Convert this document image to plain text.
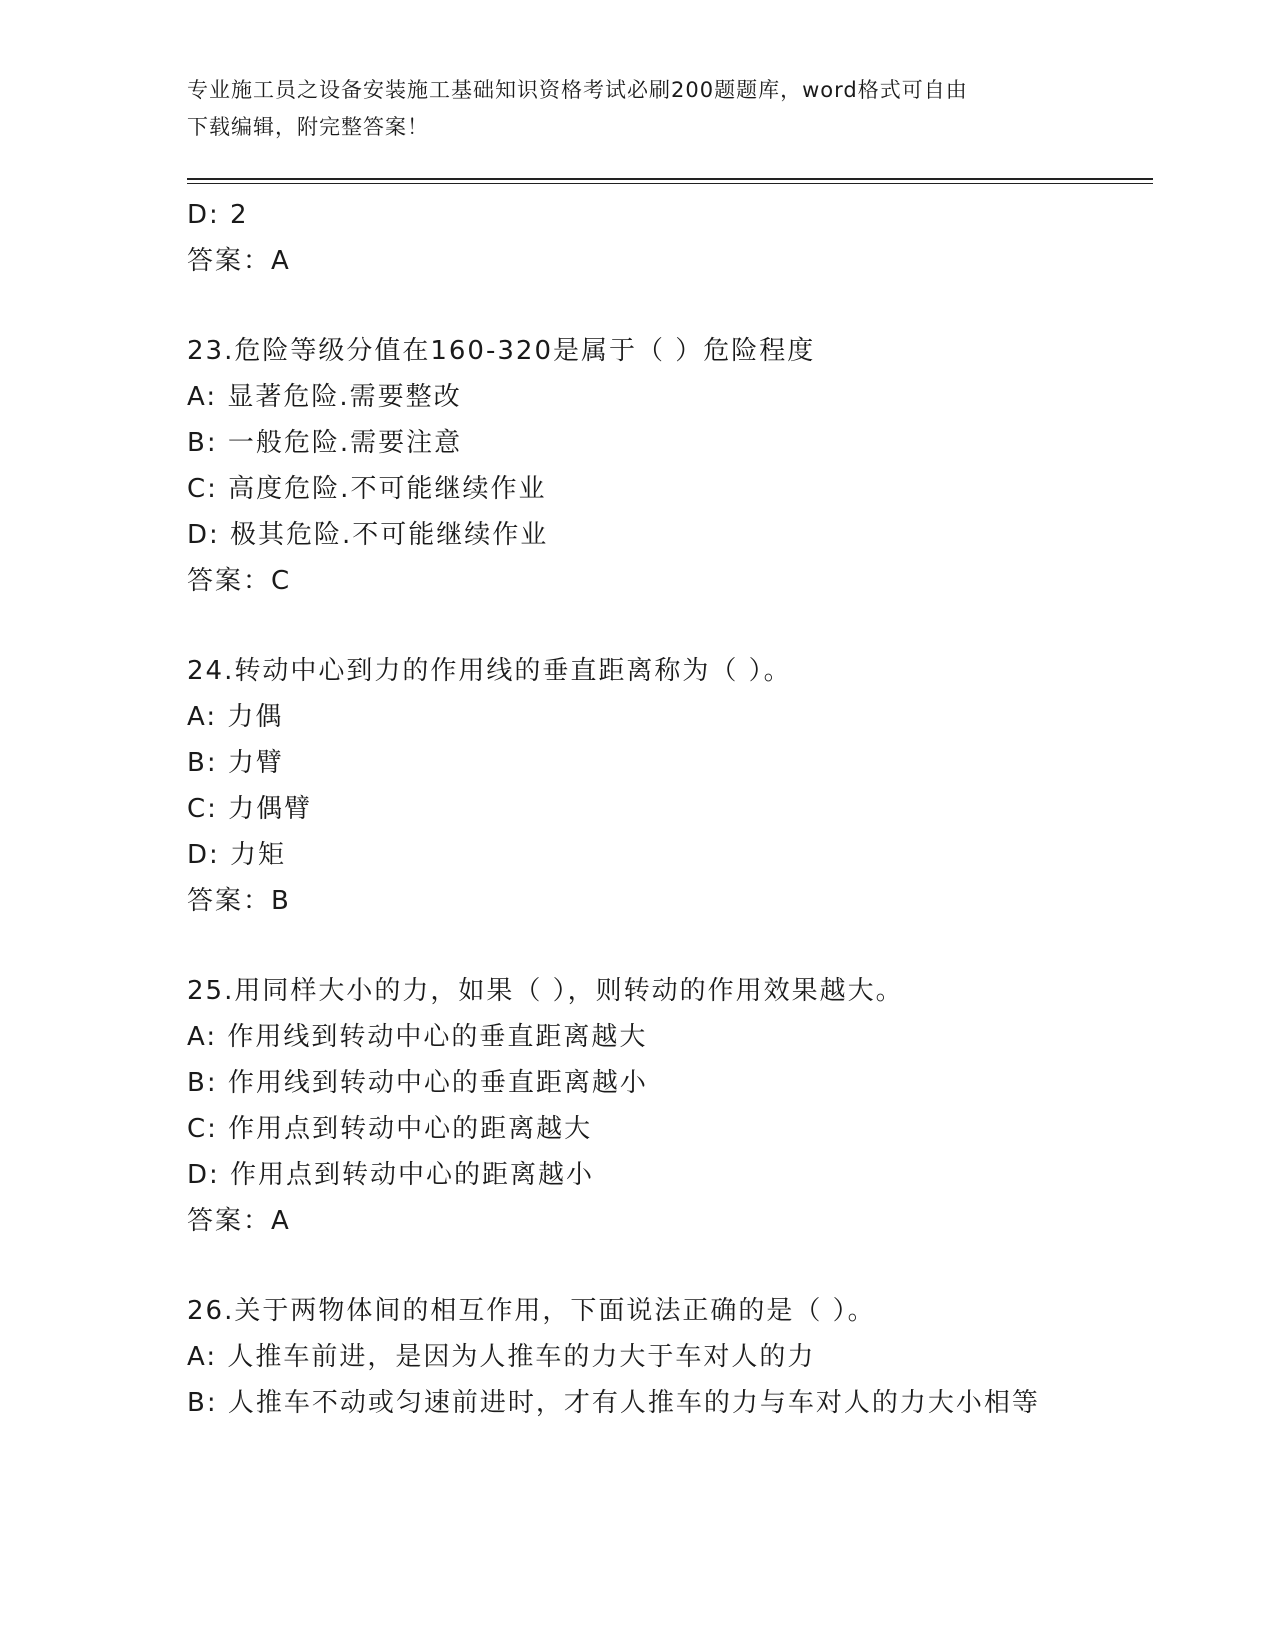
专业施工员之设备安装施工基础知识资格考试必刷200题题库，word格式可自由
下载编辑，附完整答案！
D: 2
答案：A
23.危险等级分值在160-320是属于（ ）危险程度
A: 显著危险.需要整改
B: 一般危险.需要注意
C: 高度危险.不可能继续作业
D: 极其危险.不可能继续作业
答案：C
24.转动中心到力的作用线的垂直距离称为（ ）。
A: 力偶
B: 力臂
C: 力偶臂
D: 力矩
答案：B
25.用同样大小的力，如果（ ），则转动的作用效果越大。
A: 作用线到转动中心的垂直距离越大
B: 作用线到转动中心的垂直距离越小
C: 作用点到转动中心的距离越大
D: 作用点到转动中心的距离越小
答案：A
26.关于两物体间的相互作用，下面说法正确的是（ ）。
A: 人推车前进，是因为人推车的力大于车对人的力
B: 人推车不动或匀速前进时，才有人推车的力与车对人的力大小相等
